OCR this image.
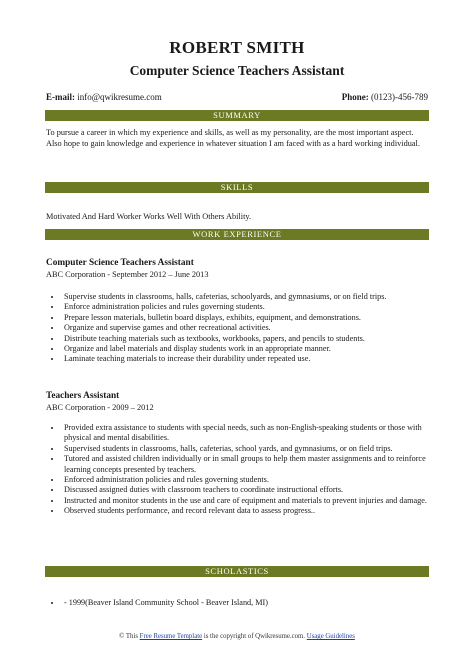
ROBERT SMITH
Computer Science Teachers Assistant
E-mail: info@qwikresume.com	Phone: (0123)-456-789
SUMMARY
To pursue a career in which my experience and skills, as well as my personality, are the most important aspect. Also hope to gain knowledge and experience in whatever situation I am faced with as a hard working individual.
SKILLS
Motivated And Hard Worker Works Well With Others Ability.
WORK EXPERIENCE
Computer Science Teachers Assistant
ABC Corporation - September 2012 – June 2013
• Supervise students in classrooms, halls, cafeterias, schoolyards, and gymnasiums, or on field trips.
• Enforce administration policies and rules governing students.
• Prepare lesson materials, bulletin board displays, exhibits, equipment, and demonstrations.
• Organize and supervise games and other recreational activities.
• Distribute teaching materials such as textbooks, workbooks, papers, and pencils to students.
• Organize and label materials and display students work in an appropriate manner.
• Laminate teaching materials to increase their durability under repeated use.
Teachers Assistant
ABC Corporation - 2009 – 2012
• Provided extra assistance to students with special needs, such as non-English-speaking students or those with physical and mental disabilities.
• Supervised students in classrooms, halls, cafeterias, school yards, and gymnasiums, or on field trips.
• Tutored and assisted children individually or in small groups to help them master assignments and to reinforce learning concepts presented by teachers.
• Enforced administration policies and rules governing students.
• Discussed assigned duties with classroom teachers to coordinate instructional efforts.
• Instructed and monitor students in the use and care of equipment and materials to prevent injuries and damage.
• Observed students performance, and record relevant data to assess progress..
SCHOLASTICS
• - 1999(Beaver Island Community School - Beaver Island, MI)
© This Free Resume Template is the copyright of Qwikresume.com. Usage Guidelines
